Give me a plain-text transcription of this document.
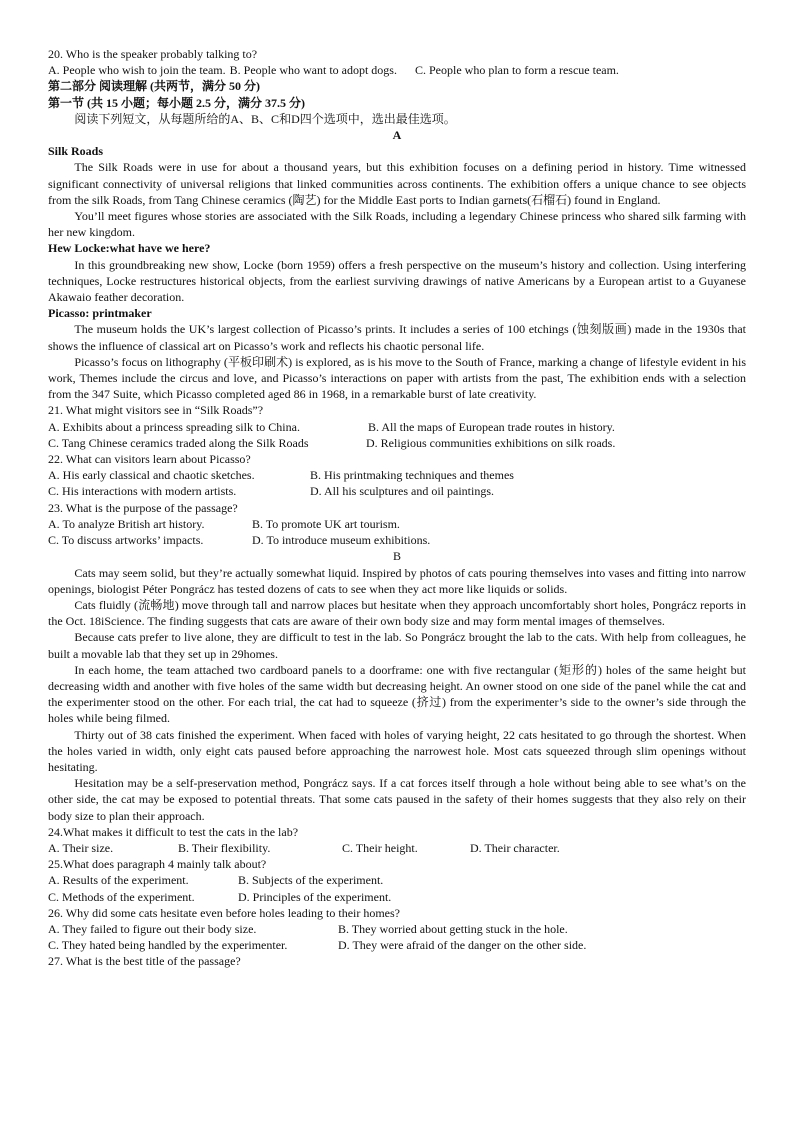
20. Who is the speaker probably talking to?
A. People who wish to join the team. B. People who want to adopt dogs. C. People who plan to form a rescue team.
第二部分 阅读理解 (共两节，满分 50 分)
第一节 (共 15 小题；每小题 2.5 分，满分 37.5 分)
阅读下列短文，从每题所给的A、B、C和D四个选项中，选出最佳选项。
A
Silk Roads

The Silk Roads were in use for about a thousand years, but this exhibition focuses on a defining period in history. Time witnessed significant connectivity of universal religions that linked communities across continents. The exhibition offers a unique chance to see objects from the silk Roads, from Tang Chinese ceramics (陶艺) for the Middle East ports to Indian garnets(石榴石) found in England.

You’ll meet figures whose stories are associated with the Silk Roads, including a legendary Chinese princess who shared silk farming with her new kingdom.

Hew Locke:what have we here?

In this groundbreaking new show, Locke (born 1959) offers a fresh perspective on the museum’s history and collection. Using interfering techniques, Locke restructures historical objects, from the earliest surviving drawings of native Americans by a European artist to a Guyanese Akawaio feather decoration.

Picasso: printmaker

The museum holds the UK’s largest collection of Picasso’s prints. It includes a series of 100 etchings (蚀刻版画) made in the 1930s that shows the influence of classical art on Picasso’s work and reflects his chaotic personal life.

Picasso’s focus on lithography (平板印刷术) is explored, as is his move to the South of France, marking a change of lifestyle evident in his work, Themes include the circus and love, and Picasso’s interactions on paper with artists from the past, The exhibition ends with a selection from the 347 Suite, which Picasso completed aged 86 in 1968, in a remarkable burst of late creativity.

21. What might visitors see in “Silk Roads”?
A. Exhibits about a princess spreading silk to China.	B. All the maps of European trade routes in history.
C. Tang Chinese ceramics traded along the Silk Roads	D. Religious communities exhibitions on silk roads.
22. What can visitors learn about Picasso?
A. His early classical and chaotic sketches.	B. His printmaking techniques and themes
C. His interactions with modern artists.	D. All his sculptures and oil paintings.
23. What is the purpose of the passage?
A. To analyze British art history.	B. To promote UK art tourism.
C. To discuss artworks’ impacts.	D. To introduce museum exhibitions.
B

Cats may seem solid, but they’re actually somewhat liquid. Inspired by photos of cats pouring themselves into vases and fitting into narrow openings, biologist Péter Pongrácz has tested dozens of cats to see when they act more like liquids or solids.

Cats fluidly (流畅地) move through tall and narrow places but hesitate when they approach uncomfortably short holes, Pongrácz reports in the Oct. 18iScience. The finding suggests that cats are aware of their own body size and may form mental images of themselves.

Because cats prefer to live alone, they are difficult to test in the lab. So Pongrácz brought the lab to the cats. With help from colleagues, he built a movable lab that they set up in 29homes.

In each home, the team attached two cardboard panels to a doorframe: one with five rectangular (矩形的) holes of the same height but decreasing width and another with five holes of the same width but decreasing height. An owner stood on one side of the panel while the cat and the experimenter stood on the other. For each trial, the cat had to squeeze (挤过) from the experimenter’s side to the owner’s side through the holes while being filmed.

Thirty out of 38 cats finished the experiment. When faced with holes of varying height, 22 cats hesitated to go through the shortest. When the holes varied in width, only eight cats paused before approaching the narrowest hole. Most cats squeezed through slim openings without hesitating.

Hesitation may be a self-preservation method, Pongrácz says. If a cat forces itself through a hole without being able to see what’s on the other side, the cat may be exposed to potential threats. That some cats paused in the safety of their homes suggests that they also rely on their body size to plan their approach.

24.What makes it difficult to test the cats in the lab?
A. Their size.	B. Their flexibility.	C. Their height.	D. Their character.
25.What does paragraph 4 mainly talk about?
A. Results of the experiment.	B. Subjects of the experiment.
C. Methods of the experiment.	D. Principles of the experiment.
26. Why did some cats hesitate even before holes leading to their homes?
A. They failed to figure out their body size.	B. They worried about getting stuck in the hole.
C. They hated being handled by the experimenter.	D. They were afraid of the danger on the other side.
27. What is the best title of the passage?
